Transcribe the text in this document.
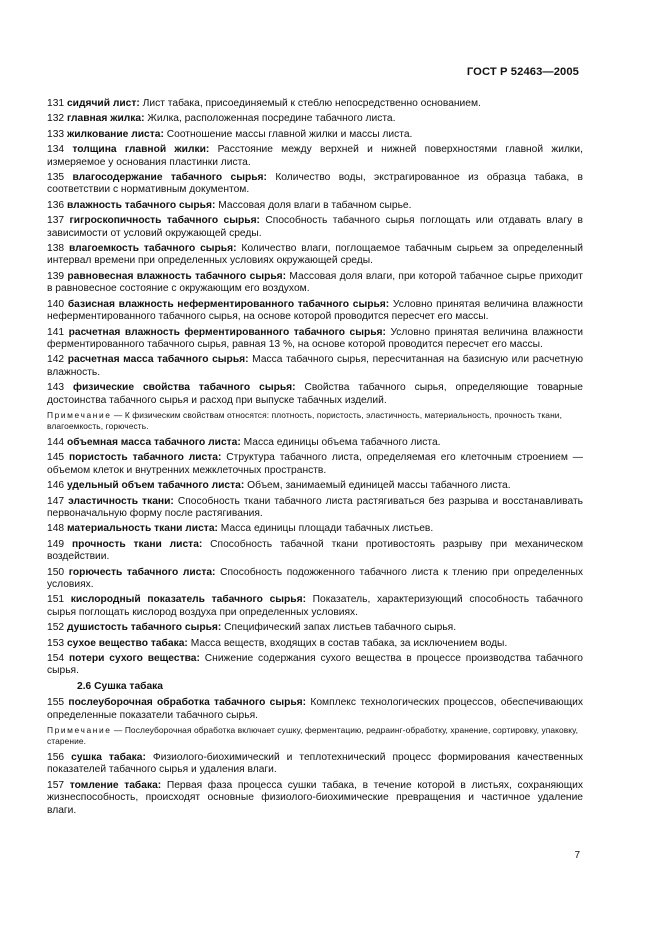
ГОСТ Р 52463—2005
131 сидячий лист: Лист табака, присоединяемый к стеблю непосредственно основанием.
132 главная жилка: Жилка, расположенная посредине табачного листа.
133 жилкование листа: Соотношение массы главной жилки и массы листа.
134 толщина главной жилки: Расстояние между верхней и нижней поверхностями главной жилки, измеряемое у основания пластинки листа.
135 влагосодержание табачного сырья: Количество воды, экстрагированное из образца табака, в соответствии с нормативным документом.
136 влажность табачного сырья: Массовая доля влаги в табачном сырье.
137 гигроскопичность табачного сырья: Способность табачного сырья поглощать или отдавать влагу в зависимости от условий окружающей среды.
138 влагоемкость табачного сырья: Количество влаги, поглощаемое табачным сырьем за определенный интервал времени при определенных условиях окружающей среды.
139 равновесная влажность табачного сырья: Массовая доля влаги, при которой табачное сырье приходит в равновесное состояние с окружающим его воздухом.
140 базисная влажность неферментированного табачного сырья: Условно принятая величина влажности неферментированного табачного сырья, на основе которой проводится пересчет его массы.
141 расчетная влажность ферментированного табачного сырья: Условно принятая величина влажности ферментированного табачного сырья, равная 13 %, на основе которой проводится пересчет его массы.
142 расчетная масса табачного сырья: Масса табачного сырья, пересчитанная на базисную или расчетную влажность.
143 физические свойства табачного сырья: Свойства табачного сырья, определяющие товарные достоинства табачного сырья и расход при выпуске табачных изделий.
Примечание — К физическим свойствам относятся: плотность, пористость, эластичность, материальность, прочность ткани, влагоемкость, горючесть.
144 объемная масса табачного листа: Масса единицы объема табачного листа.
145 пористость табачного листа: Структура табачного листа, определяемая его клеточным строением — объемом клеток и внутренних межклеточных пространств.
146 удельный объем табачного листа: Объем, занимаемый единицей массы табачного листа.
147 эластичность ткани: Способность ткани табачного листа растягиваться без разрыва и восстанавливать первоначальную форму после растягивания.
148 материальность ткани листа: Масса единицы площади табачных листьев.
149 прочность ткани листа: Способность табачной ткани противостоять разрыву при механическом воздействии.
150 горючесть табачного листа: Способность подожженного табачного листа к тлению при определенных условиях.
151 кислородный показатель табачного сырья: Показатель, характеризующий способность табачного сырья поглощать кислород воздуха при определенных условиях.
152 душистость табачного сырья: Специфический запах листьев табачного сырья.
153 сухое вещество табака: Масса веществ, входящих в состав табака, за исключением воды.
154 потери сухого вещества: Снижение содержания сухого вещества в процессе производства табачного сырья.
2.6 Сушка табака
155 послеуборочная обработка табачного сырья: Комплекс технологических процессов, обеспечивающих определенные показатели табачного сырья.
Примечание — Послеуборочная обработка включает сушку, ферментацию, редраинг-обработку, хранение, сортировку, упаковку, старение.
156 сушка табака: Физиолого-биохимический и теплотехнический процесс формирования качественных показателей табачного сырья и удаления влаги.
157 томление табака: Первая фаза процесса сушки табака, в течение которой в листьях, сохраняющих жизнеспособность, происходят основные физиолого-биохимические превращения и частичное удаление влаги.
7
